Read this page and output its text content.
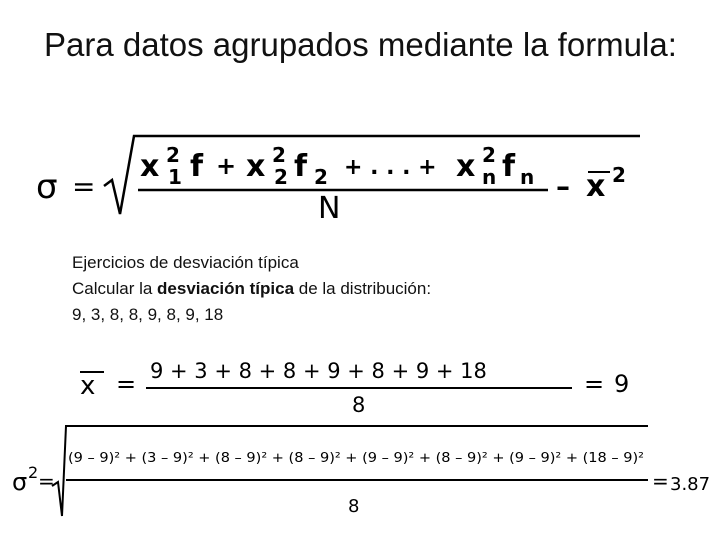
Para datos agrupados mediante la formula:
σ =
x 2
1 f + x 2
2 f 2 + . . . + x 2
n f n
N
– x 2
x = 9 + 3 + 8 + 8 + 9 + 8 + 9 + 18
8
= 9
σ 2 =
(9 – 9)² + (3 – 9)² + (8 – 9)² + (8 – 9)² + (9 – 9)² + (8 – 9)² + (9 – 9)² + (18 – 9)²
8
= 3.87
Ejercicios de desviación típica
Calcular la desviación típica de la distribución:
9, 3, 8, 8, 9, 8, 9, 18
